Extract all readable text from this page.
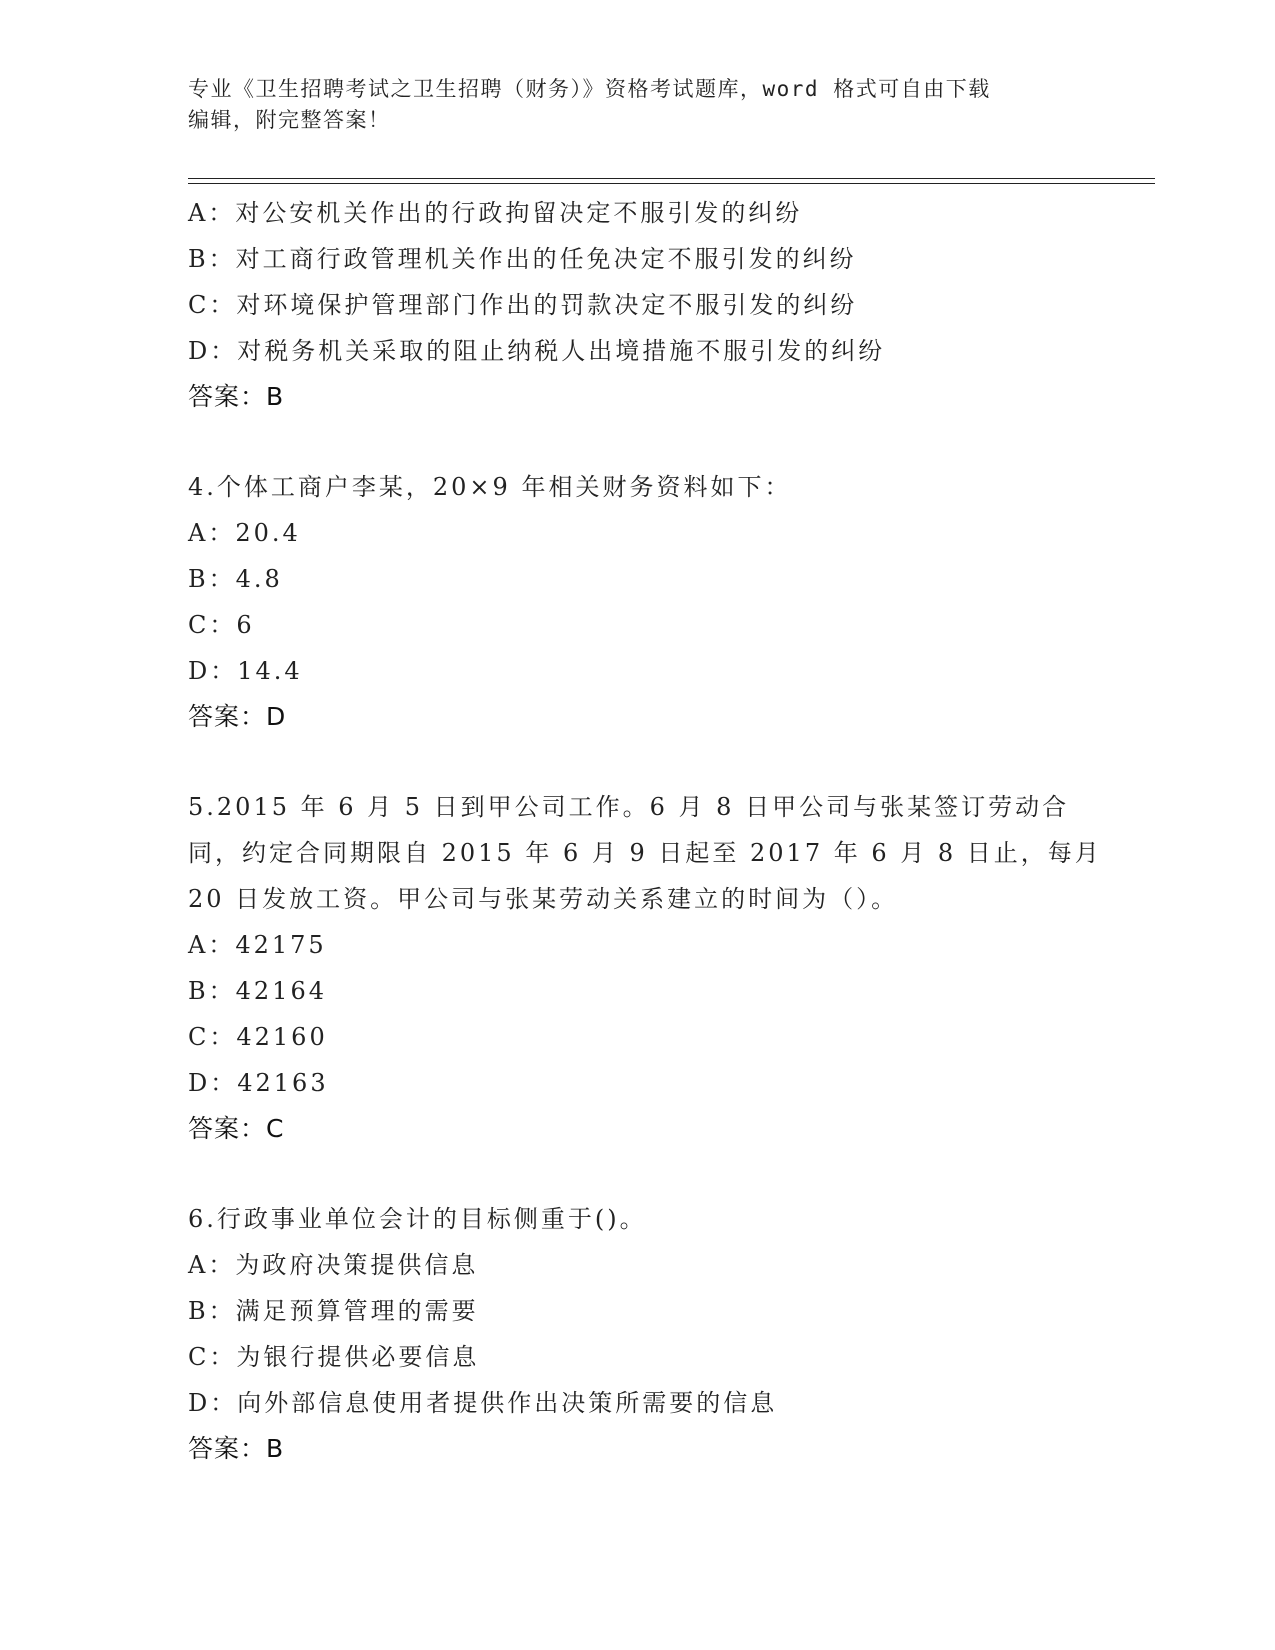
专业《卫生招聘考试之卫生招聘（财务）》资格考试题库，word 格式可自由下载
编辑，附完整答案！
A：对公安机关作出的行政拘留决定不服引发的纠纷
B：对工商行政管理机关作出的任免决定不服引发的纠纷
C：对环境保护管理部门作出的罚款决定不服引发的纠纷
D：对税务机关采取的阻止纳税人出境措施不服引发的纠纷
答案：B
4.个体工商户李某，20×9 年相关财务资料如下：
A：20.4
B：4.8
C：6
D：14.4
答案：D
5.2015 年 6 月 5 日到甲公司工作。6 月 8 日甲公司与张某签订劳动合
同，约定合同期限自 2015 年 6 月 9 日起至 2017 年 6 月 8 日止，每月
20 日发放工资。甲公司与张某劳动关系建立的时间为（）。
A：42175
B：42164
C：42160
D：42163
答案：C
6.行政事业单位会计的目标侧重于()。
A：为政府决策提供信息
B：满足预算管理的需要
C：为银行提供必要信息
D：向外部信息使用者提供作出决策所需要的信息
答案：B
